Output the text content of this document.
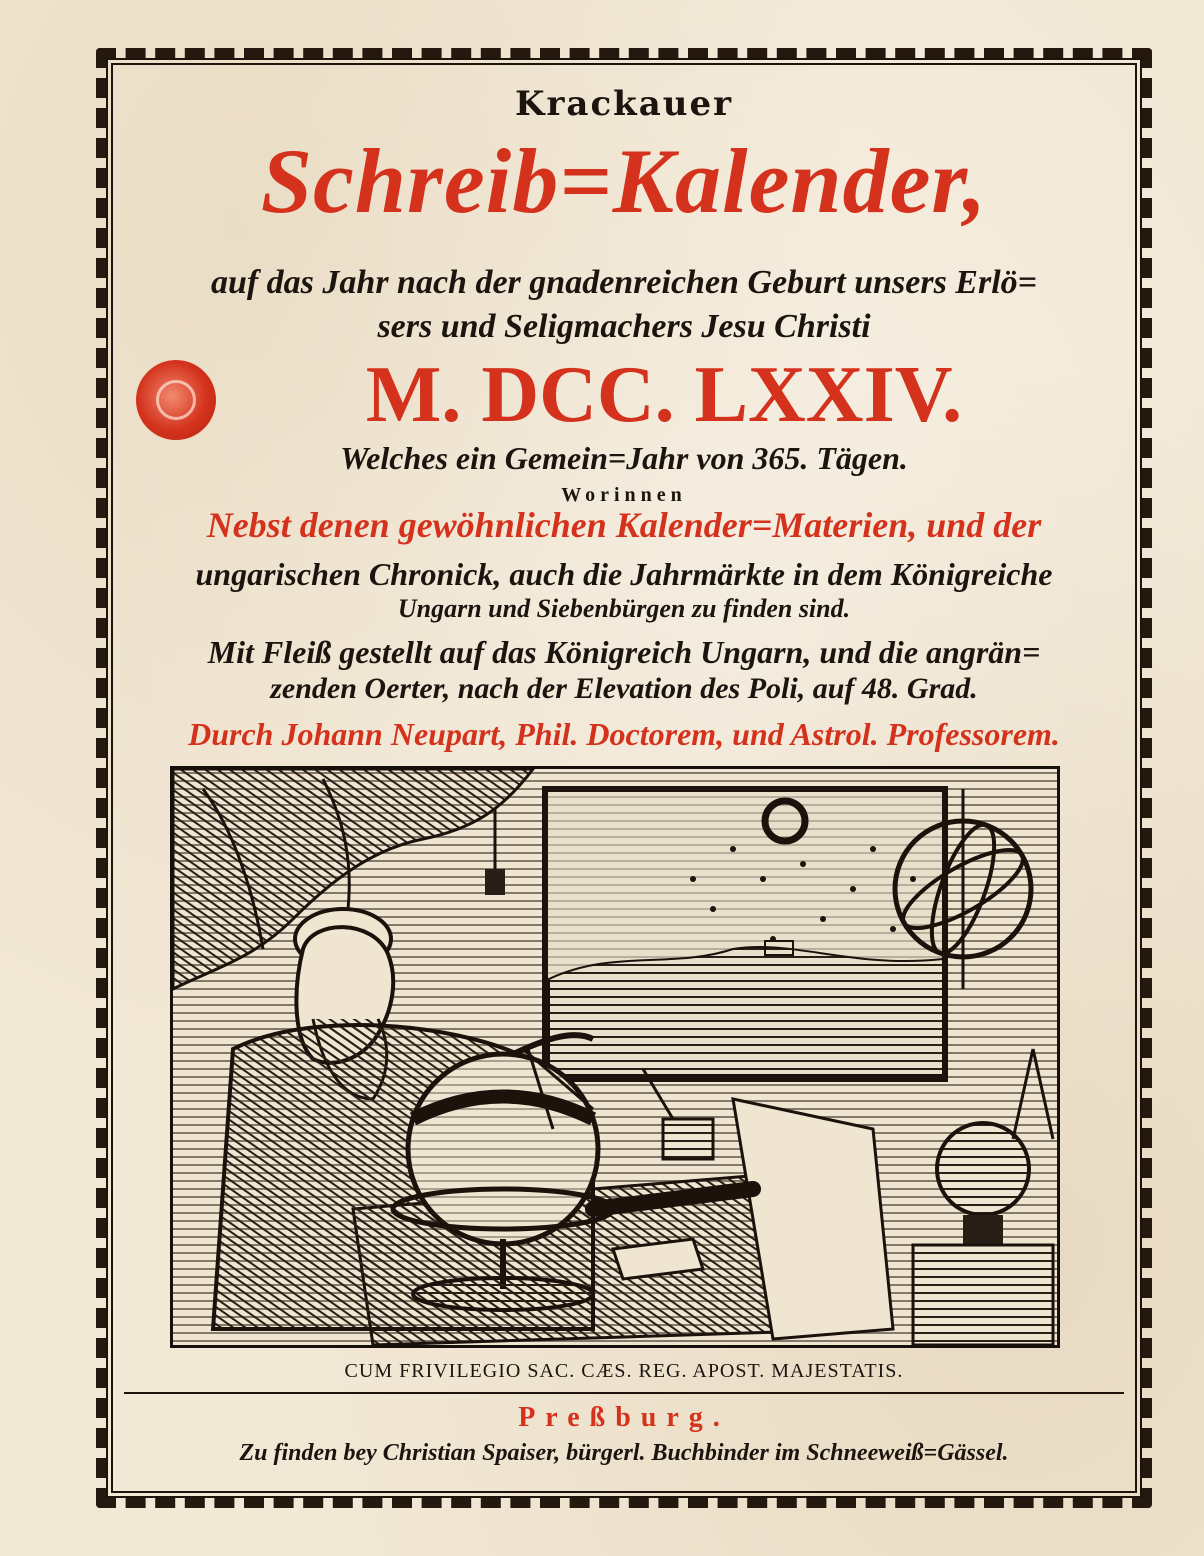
Krackauer
Schreib=Kalender,
auf das Jahr nach der gnadenreichen Geburt unsers Erlö=
sers und Seligmachers Jesu Christi
M. DCC. LXXIV.
Welches ein Gemein=Jahr von 365. Tägen.
Worinnen
Nebst denen gewöhnlichen Kalender=Materien, und der
ungarischen Chronick, auch die Jahrmärkte in dem Königreiche
Ungarn und Siebenbürgen zu finden sind.
Mit Fleiß gestellt auf das Königreich Ungarn, und die angrän=
zenden Oerter, nach der Elevation des Poli, auf 48. Grad.
Durch Johann Neupart, Phil. Doctorem, und Astrol. Professorem.
CUM FRIVILEGIO SAC. CÆS. REG. APOST. MAJESTATIS.
Preßburg.
Zu finden bey Christian Spaiser, bürgerl. Buchbinder im Schneeweiß=Gässel.
